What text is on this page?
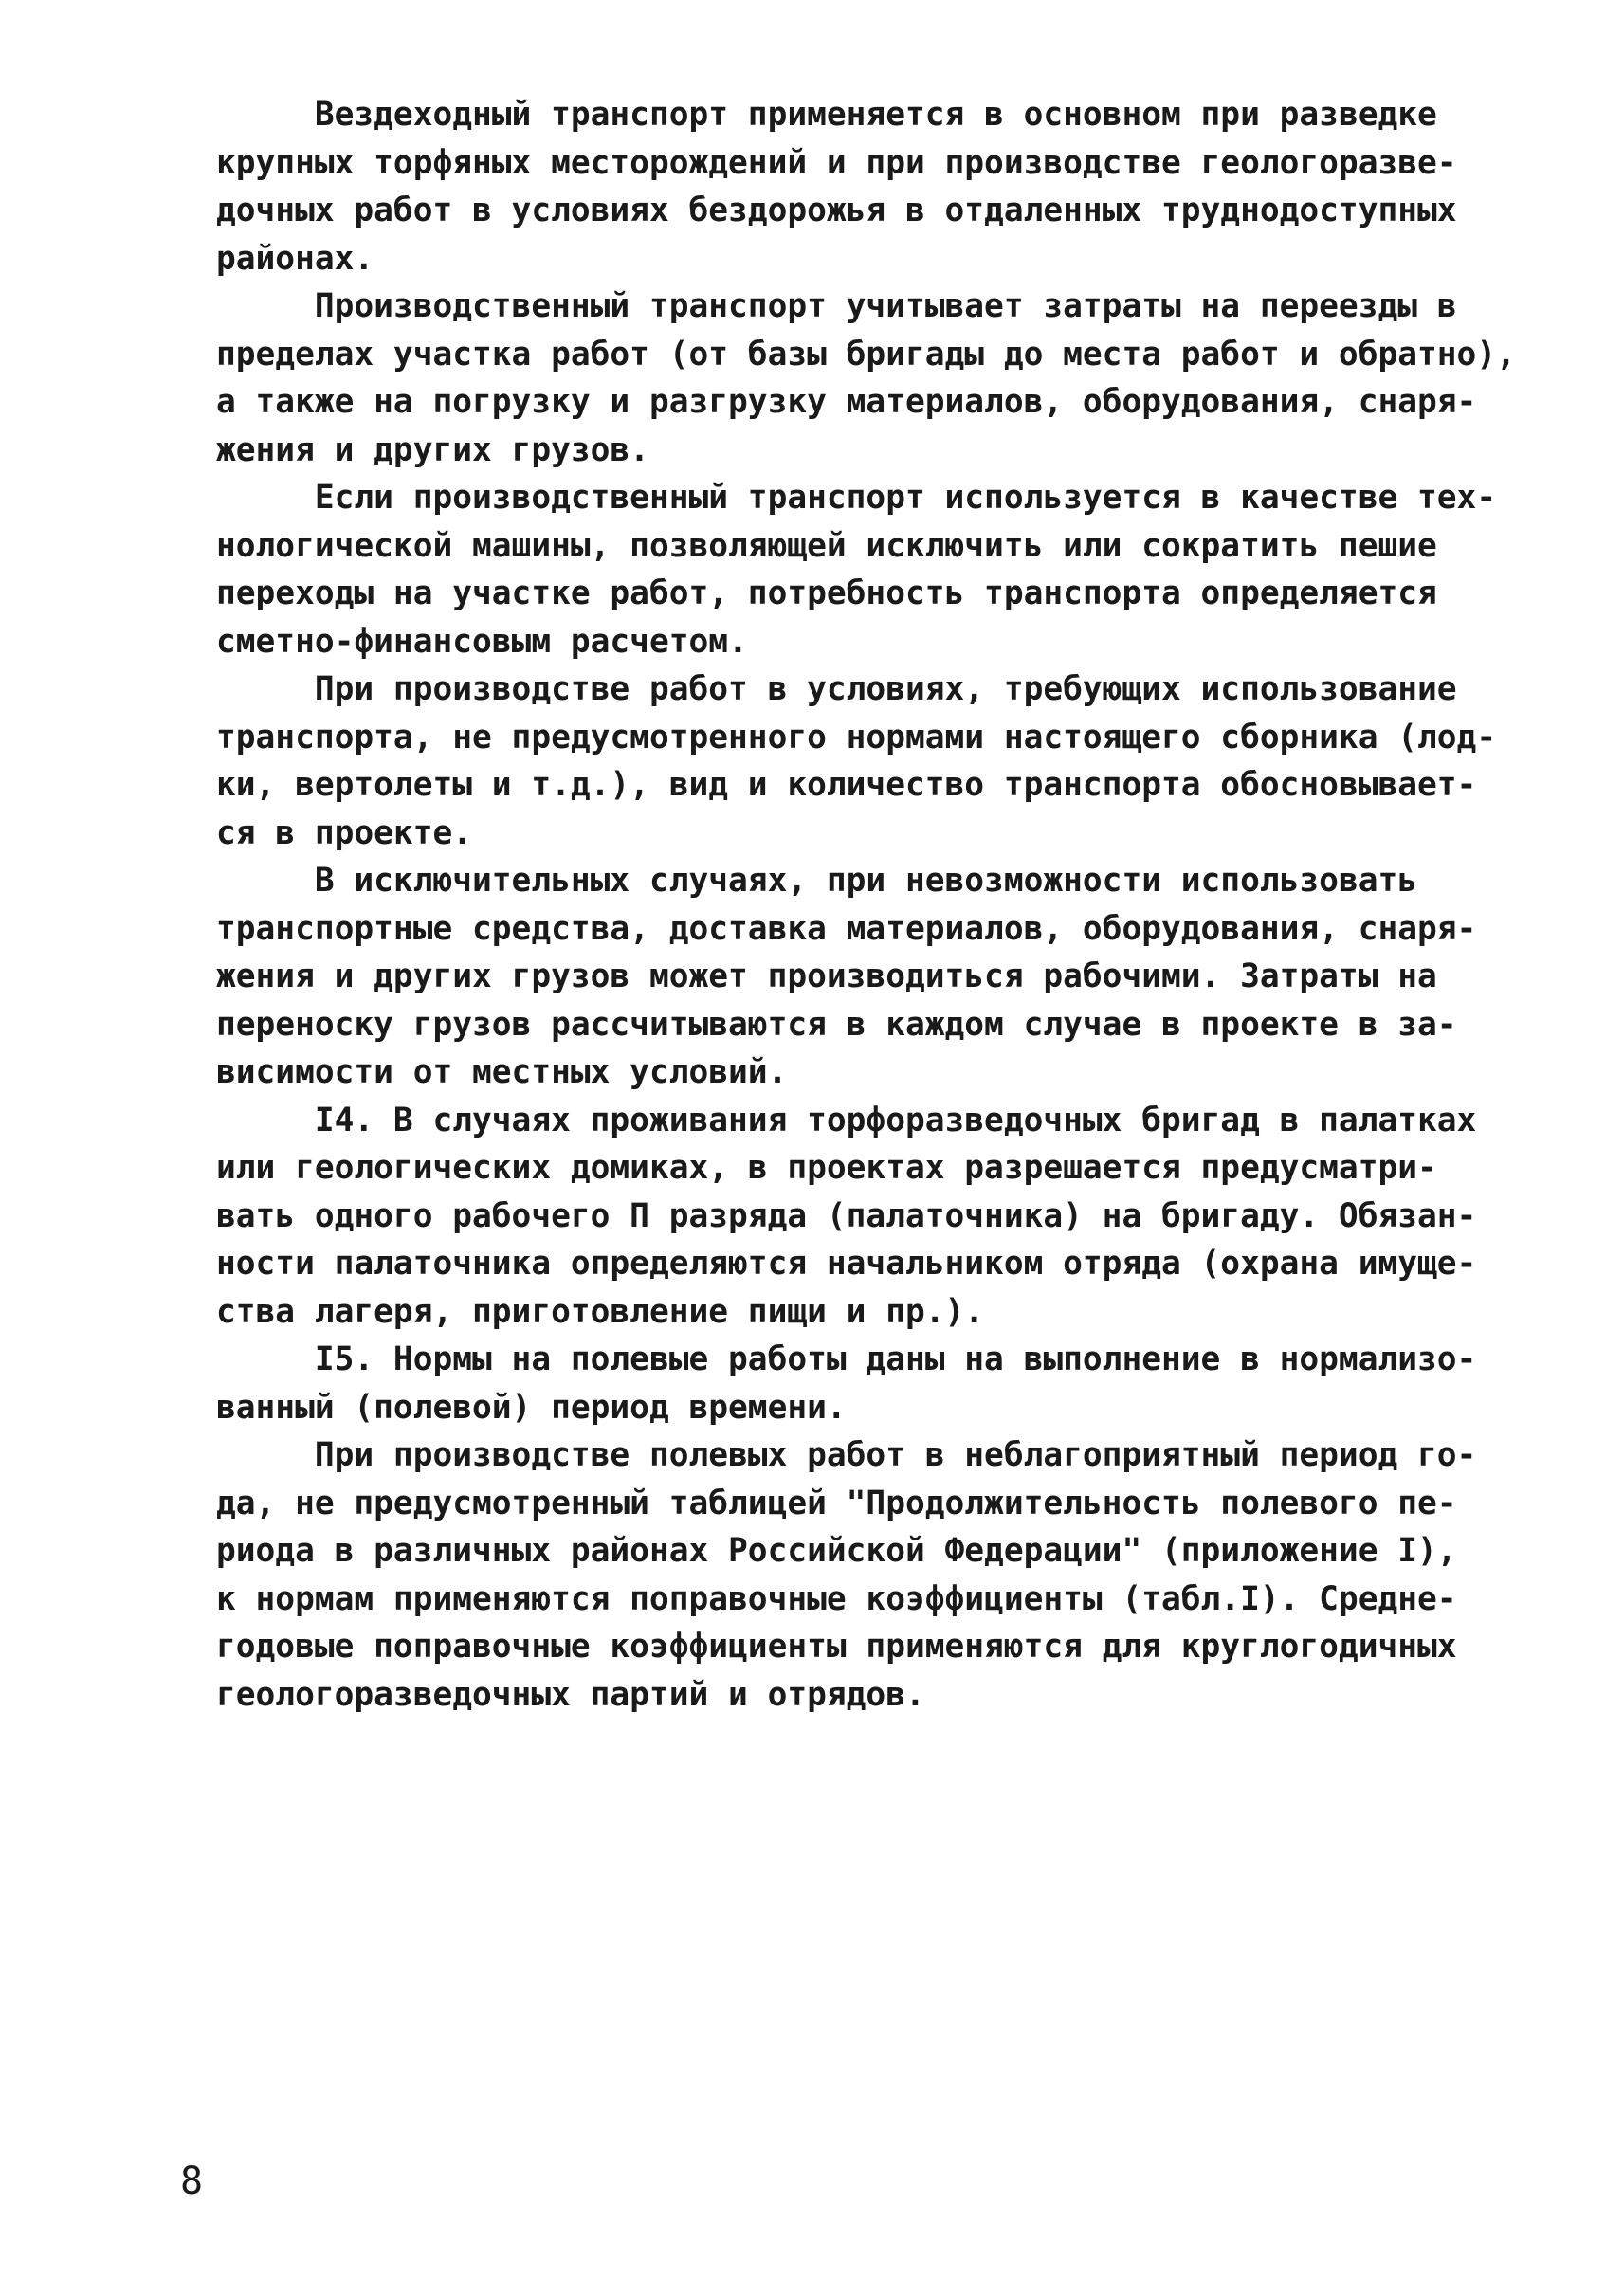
Вездеходный транспорт применяется в основном при разведке
крупных торфяных месторождений и при производстве геологоразве-
дочных работ в условиях бездорожья в отдаленных труднодоступных
районах.
Производственный транспорт учитывает затраты на переезды в
пределах участка работ (от базы бригады до места работ и обратно),
а также на погрузку и разгрузку материалов, оборудования, снаря-
жения и других грузов.
Если производственный транспорт используется в качестве тех-
нологической машины, позволяющей исключить или сократить пешие
переходы на участке работ, потребность транспорта определяется
сметно-финансовым расчетом.
При производстве работ в условиях, требующих использование
транспорта, не предусмотренного нормами настоящего сборника (лод-
ки, вертолеты и т.д.), вид и количество транспорта обосновывает-
ся в проекте.
В исключительных случаях, при невозможности использовать
транспортные средства, доставка материалов, оборудования, снаря-
жения и других грузов может производиться рабочими. Затраты на
переноску грузов рассчитываются в каждом случае в проекте в за-
висимости от местных условий.
I4. В случаях проживания торфоразведочных бригад в палатках
или геологических домиках, в проектах разрешается предусматри-
вать одного рабочего П разряда (палаточника) на бригаду. Обязан-
ности палаточника определяются начальником отряда (охрана имуще-
ства лагеря, приготовление пищи и пр.).
I5. Нормы на полевые работы даны на выполнение в нормализо-
ванный (полевой) период времени.
При производстве полевых работ в неблагоприятный период го-
да, не предусмотренный таблицей "Продолжительность полевого пе-
риода в различных районах Российской Федерации" (приложение I),
к нормам применяются поправочные коэффициенты (табл.I). Средне-
годовые поправочные коэффициенты применяются для круглогодичных
геологоразведочных партий и отрядов.
8
